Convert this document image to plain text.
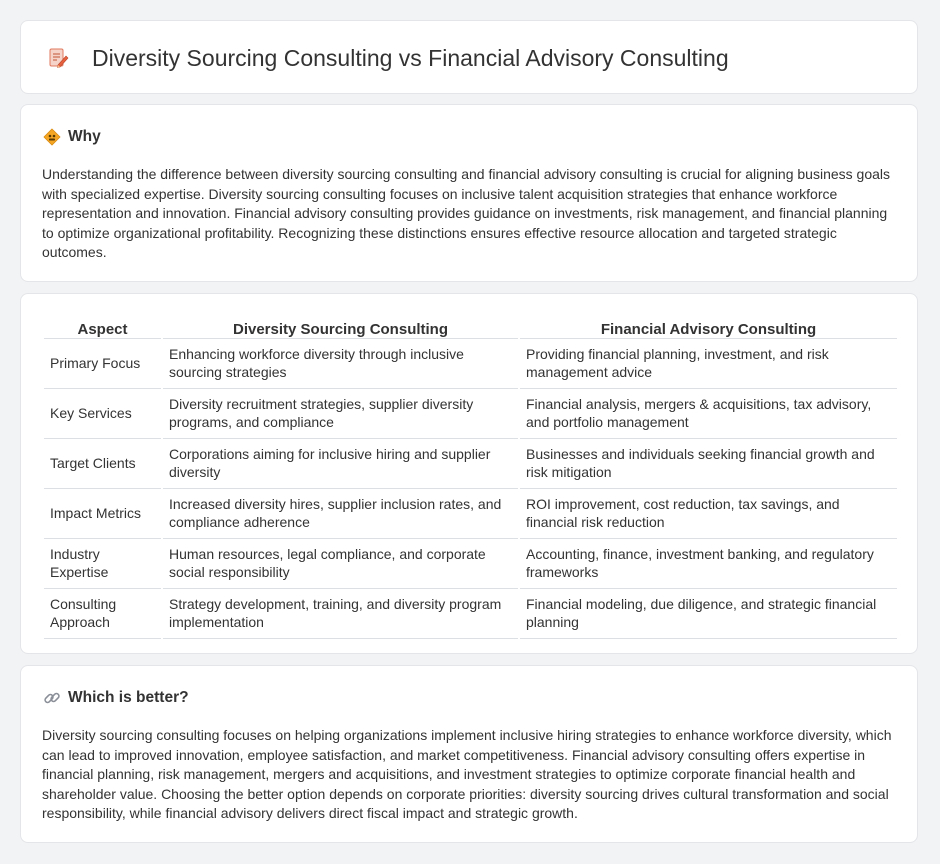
Diversity Sourcing Consulting vs Financial Advisory Consulting
Why

Understanding the difference between diversity sourcing consulting and financial advisory consulting is crucial for aligning business goals with specialized expertise. Diversity sourcing consulting focuses on inclusive talent acquisition strategies that enhance workforce representation and innovation. Financial advisory consulting provides guidance on investments, risk management, and financial planning to optimize organizational profitability. Recognizing these distinctions ensures effective resource allocation and targeted strategic outcomes.

Aspect	Diversity Sourcing Consulting	Financial Advisory Consulting
Primary Focus	Enhancing workforce diversity through inclusive sourcing strategies	Providing financial planning, investment, and risk management advice
Key Services	Diversity recruitment strategies, supplier diversity programs, and compliance	Financial analysis, mergers & acquisitions, tax advisory, and portfolio management
Target Clients	Corporations aiming for inclusive hiring and supplier diversity	Businesses and individuals seeking financial growth and risk mitigation
Impact Metrics	Increased diversity hires, supplier inclusion rates, and compliance adherence	ROI improvement, cost reduction, tax savings, and financial risk reduction
Industry Expertise	Human resources, legal compliance, and corporate social responsibility	Accounting, finance, investment banking, and regulatory frameworks
Consulting Approach	Strategy development, training, and diversity program implementation	Financial modeling, due diligence, and strategic financial planning
Which is better?

Diversity sourcing consulting focuses on helping organizations implement inclusive hiring strategies to enhance workforce diversity, which can lead to improved innovation, employee satisfaction, and market competitiveness. Financial advisory consulting offers expertise in financial planning, risk management, mergers and acquisitions, and investment strategies to optimize corporate financial health and shareholder value. Choosing the better option depends on corporate priorities: diversity sourcing drives cultural transformation and social responsibility, while financial advisory delivers direct fiscal impact and strategic growth.
